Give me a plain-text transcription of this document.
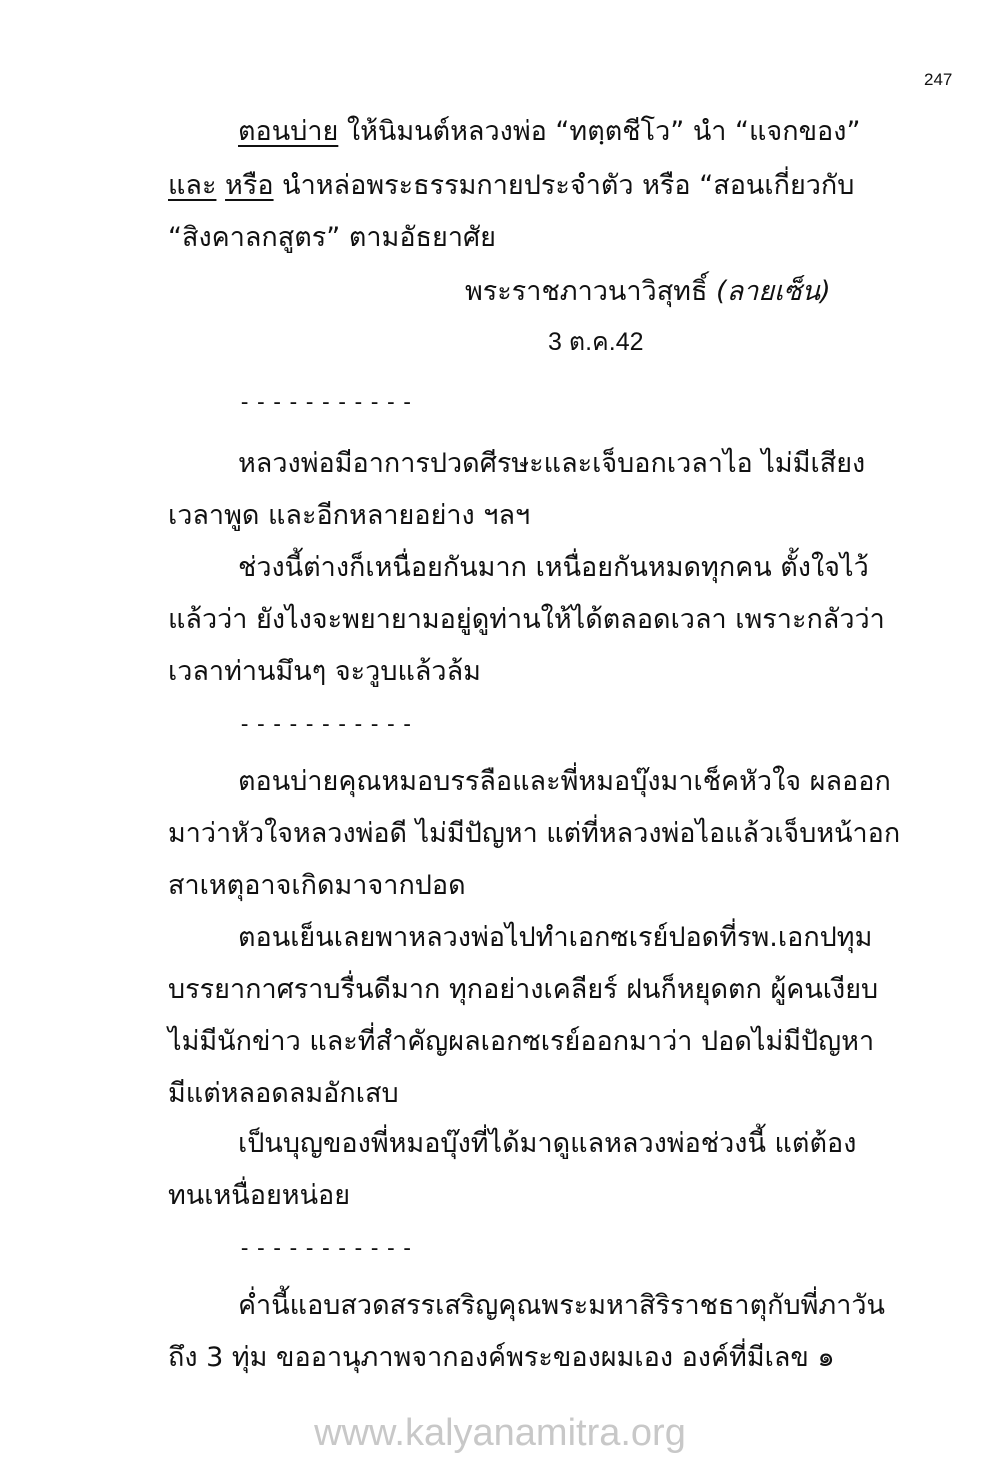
247
ตอนบ่าย ให้นิมนต์หลวงพ่อ “ทตฺตชีโว” นำ “แจกของ”
และ หรือ นำหล่อพระธรรมกายประจำตัว หรือ “สอนเกี่ยวกับ
“สิงคาลกสูตร” ตามอัธยาศัย
พระราชภาวนาวิสุทธิ์ (ลายเซ็น)
3 ต.ค.42
-----------
หลวงพ่อมีอาการปวดศีรษะและเจ็บอกเวลาไอ ไม่มีเสียง
เวลาพูด และอีกหลายอย่าง ฯลฯ
ช่วงนี้ต่างก็เหนื่อยกันมาก เหนื่อยกันหมดทุกคน ตั้งใจไว้
แล้วว่า ยังไงจะพยายามอยู่ดูท่านให้ได้ตลอดเวลา เพราะกลัวว่า
เวลาท่านมึนๆ จะวูบแล้วล้ม
-----------
ตอนบ่ายคุณหมอบรรลือและพี่หมอบุ๊งมาเช็คหัวใจ ผลออก
มาว่าหัวใจหลวงพ่อดี ไม่มีปัญหา แต่ที่หลวงพ่อไอแล้วเจ็บหน้าอก
สาเหตุอาจเกิดมาจากปอด
ตอนเย็นเลยพาหลวงพ่อไปทำเอกซเรย์ปอดที่รพ.เอกปทุม
บรรยากาศราบรื่นดีมาก ทุกอย่างเคลียร์ ฝนก็หยุดตก ผู้คนเงียบ
ไม่มีนักข่าว และที่สำคัญผลเอกซเรย์ออกมาว่า ปอดไม่มีปัญหา
มีแต่หลอดลมอักเสบ
เป็นบุญของพี่หมอบุ๊งที่ได้มาดูแลหลวงพ่อช่วงนี้ แต่ต้อง
ทนเหนื่อยหน่อย
-----------
ค่ำนี้แอบสวดสรรเสริญคุณพระมหาสิริราชธาตุกับพี่ภาวัน
ถึง 3 ทุ่ม ขออานุภาพจากองค์พระของผมเอง องค์ที่มีเลข ๑
www.kalyanamitra.org
